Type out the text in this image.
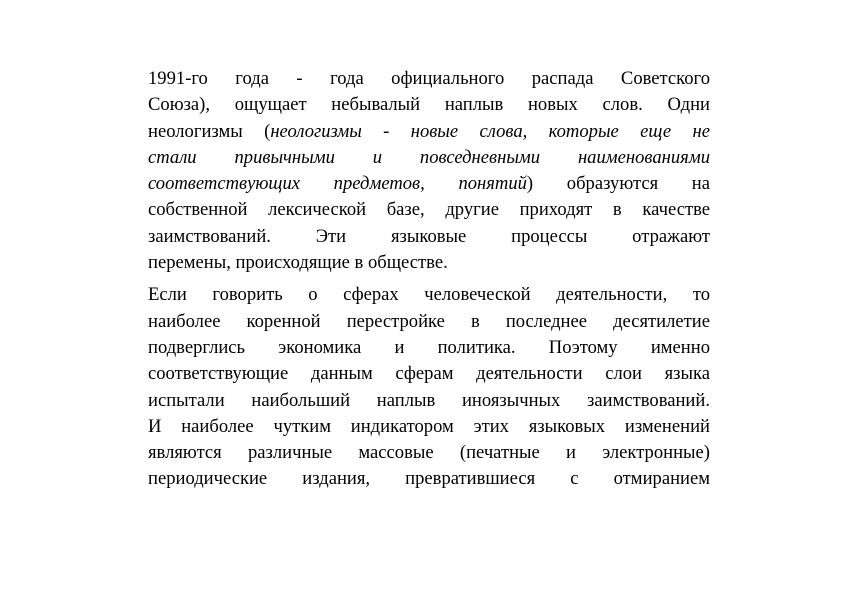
1991-го года - года официального распада Советского
Союза), ощущает небывалый наплыв новых слов. Одни
неологизмы (неологизмы - новые слова, которые еще не
стали привычными и повседневными наименованиями
соответствующих предметов, понятий) образуются на
собственной лексической базе, другие приходят в качестве
заимствований. Эти языковые процессы отражают
перемены, происходящие в обществе.
Если говорить о сферах человеческой деятельности, то
наиболее коренной перестройке в последнее десятилетие
подверглись экономика и политика. Поэтому именно
соответствующие данным сферам деятельности слои языка
испытали наибольший наплыв иноязычных заимствований.
И наиболее чутким индикатором этих языковых изменений
являются различные массовые (печатные и электронные)
периодические издания, превратившиеся с отмиранием
